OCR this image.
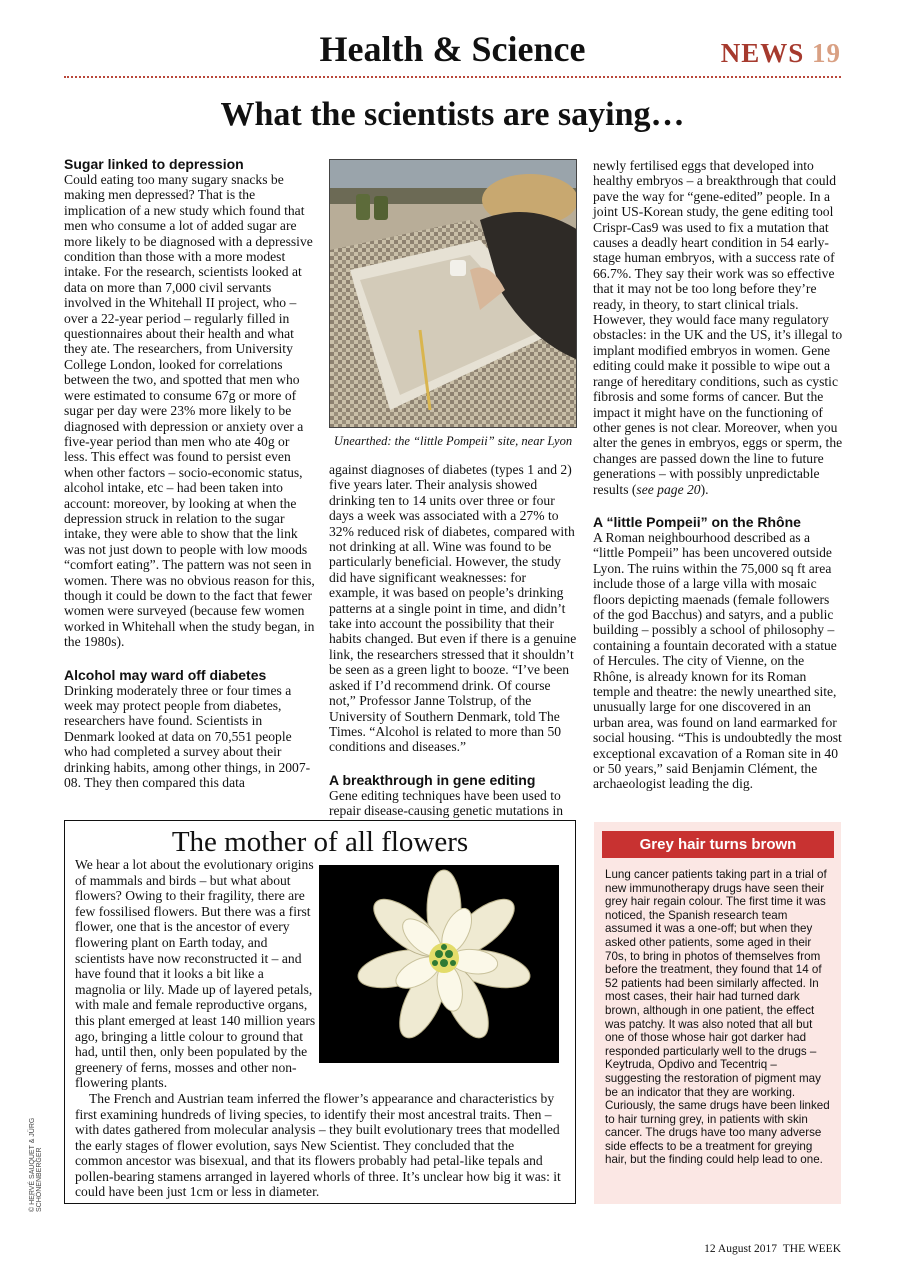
Health & Science	NEWS 19
What the scientists are saying…

Sugar linked to depression

Could eating too many sugary snacks be making men depressed? That is the implication of a new study which found that men who consume a lot of added sugar are more likely to be diagnosed with a depressive condition than those with a more modest intake. For the research, scientists looked at data on more than 7,000 civil servants involved in the Whitehall II project, who – over a 22-year period – regularly filled in questionnaires about their health and what they ate. The researchers, from University College London, looked for correlations between the two, and spotted that men who were estimated to consume 67g or more of sugar per day were 23% more likely to be diagnosed with depression or anxiety over a five-year period than men who ate 40g or less. This effect was found to persist even when other factors – socio-economic status, alcohol intake, etc – had been taken into account: moreover, by looking at when the depression struck in relation to the sugar intake, they were able to show that the link was not just down to people with low moods “comfort eating”. The pattern was not seen in women. There was no obvious reason for this, though it could be down to the fact that fewer women were surveyed (because few women worked in Whitehall when the study began, in the 1980s).

Alcohol may ward off diabetes

Drinking moderately three or four times a week may protect people from diabetes, researchers have found. Scientists in Denmark looked at data on 70,551 people who had completed a survey about their drinking habits, among other things, in 2007-08. They then compared this data

Unearthed: the “little Pompeii” site, near Lyon

against diagnoses of diabetes (types 1 and 2) five years later. Their analysis showed drinking ten to 14 units over three or four days a week was associated with a 27% to 32% reduced risk of diabetes, compared with not drinking at all. Wine was found to be particularly beneficial. However, the study did have significant weaknesses: for example, it was based on people’s drinking patterns at a single point in time, and didn’t take into account the possibility that their habits changed. But even if there is a genuine link, the researchers stressed that it shouldn’t be seen as a green light to booze. “I’ve been asked if I’d recommend drink. Of course not,” Professor Janne Tolstrup, of the University of Southern Denmark, told The Times. “Alcohol is related to more than 50 conditions and diseases.”

A breakthrough in gene editing

Gene editing techniques have been used to repair disease-causing genetic mutations in

newly fertilised eggs that developed into healthy embryos – a breakthrough that could pave the way for “gene-edited” people. In a joint US-Korean study, the gene editing tool Crispr-Cas9 was used to fix a mutation that causes a deadly heart condition in 54 early-stage human embryos, with a success rate of 66.7%. They say their work was so effective that it may not be too long before they’re ready, in theory, to start clinical trials. However, they would face many regulatory obstacles: in the UK and the US, it’s illegal to implant modified embryos in women. Gene editing could make it possible to wipe out a range of hereditary conditions, such as cystic fibrosis and some forms of cancer. But the impact it might have on the functioning of other genes is not clear. Moreover, when you alter the genes in embryos, eggs or sperm, the changes are passed down the line to future generations – with possibly unpredictable results (see page 20).

A “little Pompeii” on the Rhône

A Roman neighbourhood described as a “little Pompeii” has been uncovered outside Lyon. The ruins within the 75,000 sq ft area include those of a large villa with mosaic floors depicting maenads (female followers of the god Bacchus) and satyrs, and a public building – possibly a school of philosophy – containing a fountain decorated with a statue of Hercules. The city of Vienne, on the Rhône, is already known for its Roman temple and theatre: the newly unearthed site, unusually large for one discovered in an urban area, was found on land earmarked for social housing. “This is undoubtedly the most exceptional excavation of a Roman site in 40 or 50 years,” said Benjamin Clément, the archaeologist leading the dig.

The mother of all flowers

We hear a lot about the evolutionary origins of mammals and birds – but what about flowers? Owing to their fragility, there are few fossilised flowers. But there was a first flower, one that is the ancestor of every flowering plant on Earth today, and scientists have now reconstructed it – and have found that it looks a bit like a magnolia or lily. Made up of layered petals, with male and female reproductive organs, this plant emerged at least 140 million years ago, bringing a little colour to ground that had, until then, only been populated by the greenery of ferns, mosses and other non-flowering plants.

The French and Austrian team inferred the flower’s appearance and characteristics by first examining hundreds of living species, to identify their most ancestral traits. Then – with dates gathered from molecular analysis – they built evolutionary trees that modelled the early stages of flower evolution, says New Scientist. They concluded that the common ancestor was bisexual, and that its flowers probably had petal-like tepals and pollen-bearing stamens arranged in layered whorls of three. It’s unclear how big it was: it could have been just 1cm or less in diameter.

© HERVÉ SAUQUET & JÜRG SCHÖNENBERGER
Grey hair turns brown
Lung cancer patients taking part in a trial of new immunotherapy drugs have seen their grey hair regain colour. The first time it was noticed, the Spanish research team assumed it was a one-off; but when they asked other patients, some aged in their 70s, to bring in photos of themselves from before the treatment, they found that 14 of 52 patients had been similarly affected. In most cases, their hair had turned dark brown, although in one patient, the effect was patchy. It was also noted that all but one of those whose hair got darker had responded particularly well to the drugs – Keytruda, Opdivo and Tecentriq – suggesting the restoration of pigment may be an indicator that they are working. Curiously, the same drugs have been linked to hair turning grey, in patients with skin cancer. The drugs have too many adverse side effects to be a treatment for greying hair, but the finding could help lead to one.
12 August 2017 THE WEEK
